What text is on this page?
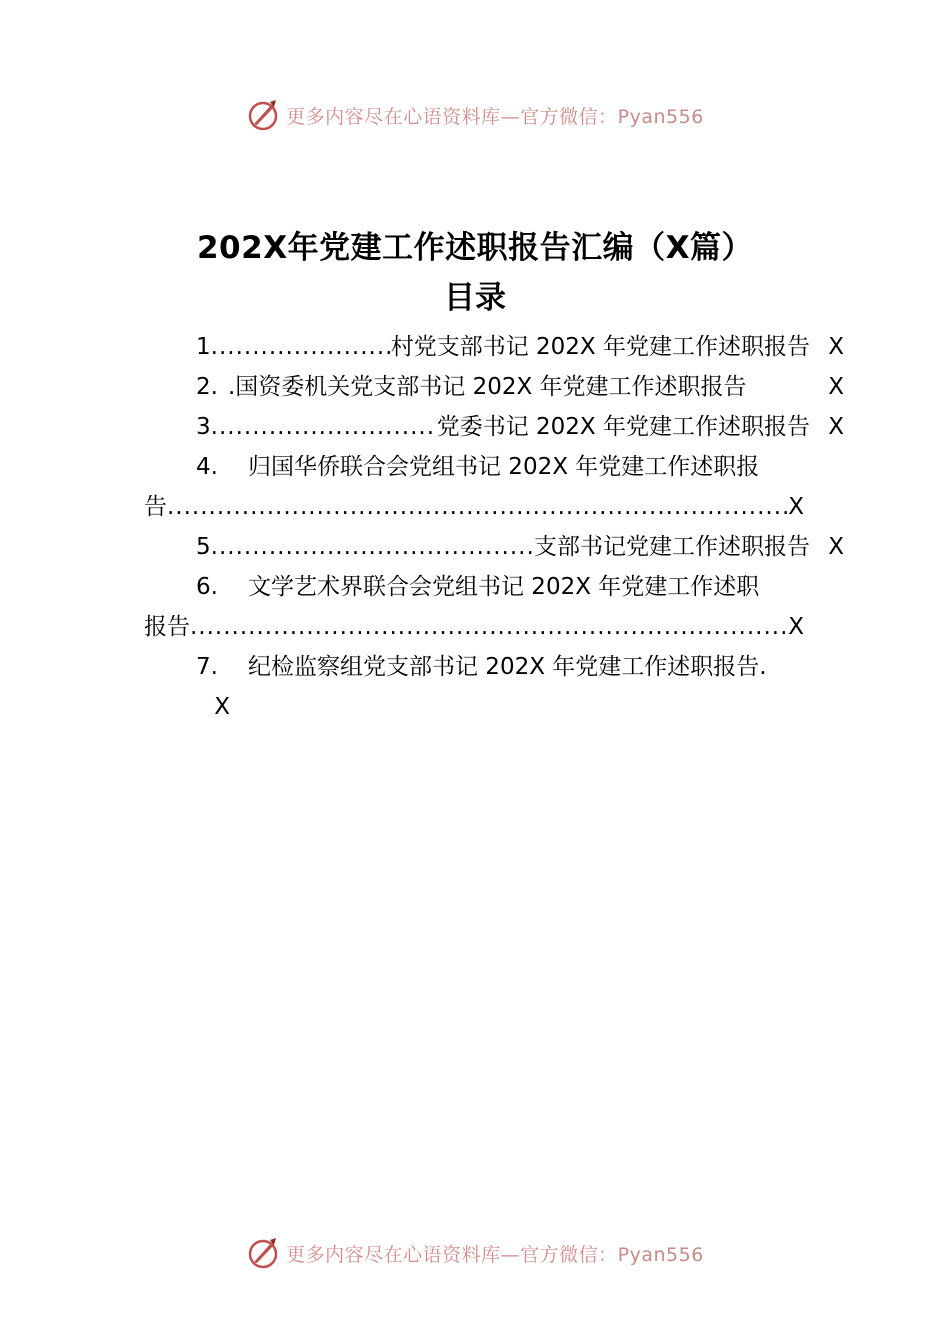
更多内容尽在心语资料库—官方微信：Pyan556
202X年党建工作述职报告汇编（X篇）
目录
1 .....	村党支部书记 202X 年党建工作述职报告 X
2. .国资委机关党支部书记 202X 年党建工作述职报告	X
3 .....	党委书记 202X 年党建工作述职报告 X
4.	归国华侨联合会党组书记 202X 年党建工作述职报
告 .....	X
5 .....	支部书记党建工作述职报告 X
6.	文学艺术界联合会党组书记 202X 年党建工作述职
报告 .....	X
7.	纪检监察组党支部书记 202X 年党建工作述职报告.
X
更多内容尽在心语资料库—官方微信：Pyan556
